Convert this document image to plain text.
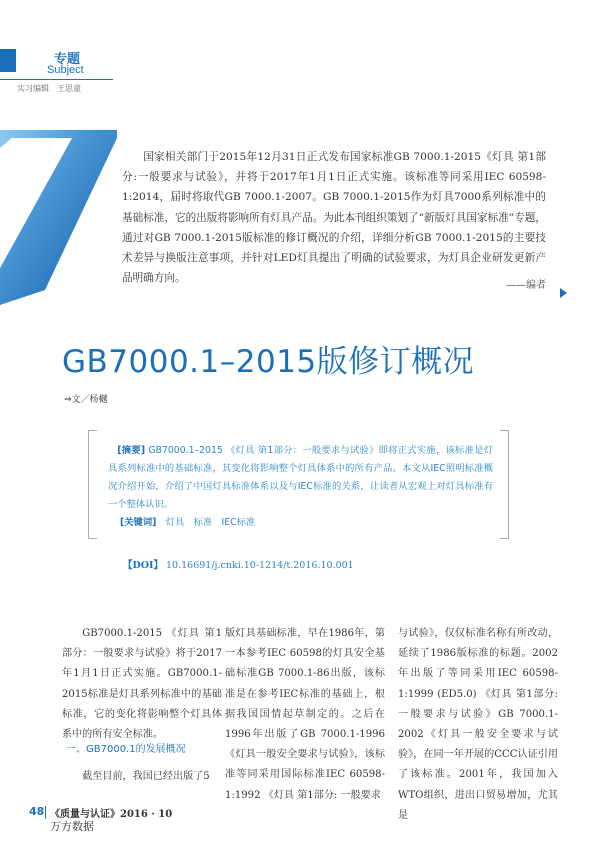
专题
Subject
实习编辑　王思童
国家相关部门于2015年12月31日正式发布国家标准GB 7000.1-2015《灯具 第1部分:一般要求与试验》，并将于2017年1月1日正式实施。该标准等同采用IEC 60598-1:2014，届时将取代GB 7000.1-2007。GB 7000.1-2015作为灯具7000系列标准中的基础标准，它的出版将影响所有灯具产品。为此本刊组织策划了“新版灯具国家标准”专题，通过对GB 7000.1-2015版标准的修订概况的介绍，详细分析GB 7000.1-2015的主要技术差异与换版注意事项，并针对LED灯具提出了明确的试验要求，为灯具企业研发更新产品明确方向。
——编者
GB7000.1–2015版修订概况
⇒文／杨樾
[摘要] GB7000.1–2015 《灯具 第1部分：一般要求与试验》即将正式实施，该标准是灯具系列标准中的基础标准，其变化将影响整个灯具体系中的所有产品。本文从IEC照明标准概况介绍开始，介绍了中国灯具标准体系以及与IEC标准的关系，让读者从宏观上对灯具标准有一个整体认识。
[关键词]　 灯具　标准　IEC标准
【DOI】 10.16691/j.cnki.10-1214/t.2016.10.001

GB7000.1-2015 《灯具 第1部分：一般要求与试验》将于2017年1月1日正式实施。GB7000.1-2015标准是灯具系列标准中的基础标准，它的变化将影响整个灯具体系中的所有安全标准。

一、GB7000.1的发展概况
截至目前，我国已经出版了5

版灯具基础标准，早在1986年，第一本参考IEC 60598的灯具安全基础标准GB 7000.1-86出版，该标准是在参考IEC标准的基础上，根据我国国情起草制定的。之后在1996年出版了GB 7000.1-1996《灯具一般安全要求与试验》，该标准等同采用国际标准IEC 60598-1:1992 《灯具 第1部分: 一般要求

与试验》，仅仅标准名称有所改动，延续了1986版标准的标题。2002年出版了等同采用IEC 60598-1:1999 (ED5.0) 《灯具 第1部分: 一般要求与试验》GB 7000.1-2002《灯具一般安全要求与试验》，在同一年开展的CCC认证引用了该标准。2001年，我国加入WTO组织，进出口贸易增加，尤其是

48 《质量与认证》2016 · 10
万方数据
